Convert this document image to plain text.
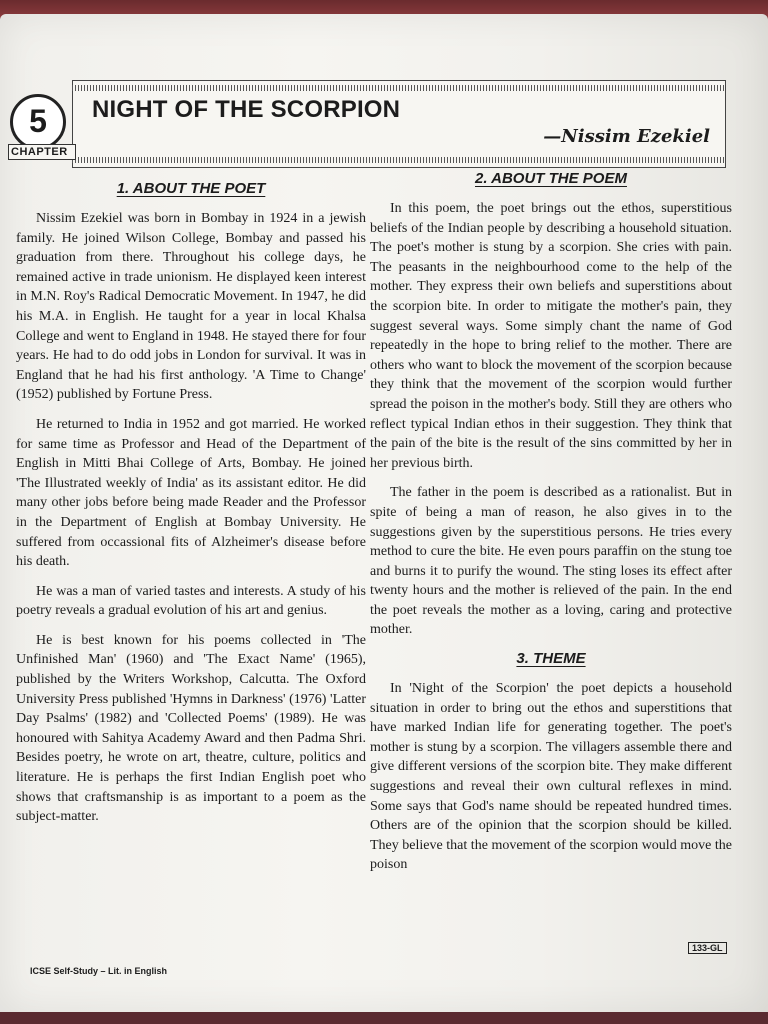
5
CHAPTER
NIGHT OF THE SCORPION
—Nissim Ezekiel
1. ABOUT THE POET

Nissim Ezekiel was born in Bombay in 1924 in a jewish family. He joined Wilson College, Bombay and passed his graduation from there. Throughout his college days, he remained active in trade unionism. He displayed keen interest in M.N. Roy's Radical Democratic Movement. In 1947, he did his M.A. in English. He taught for a year in local Khalsa College and went to England in 1948. He stayed there for four years. He had to do odd jobs in London for survival. It was in England that he had his first anthology. 'A Time to Change' (1952) published by Fortune Press.

He returned to India in 1952 and got married. He worked for same time as Professor and Head of the Department of English in Mitti Bhai College of Arts, Bombay. He joined 'The Illustrated weekly of India' as its assistant editor. He did many other jobs before being made Reader and the Professor in the Department of English at Bombay University. He suffered from occassional fits of Alzheimer's disease before his death.

He was a man of varied tastes and interests. A study of his poetry reveals a gradual evolution of his art and genius.

He is best known for his poems collected in 'The Unfinished Man' (1960) and 'The Exact Name' (1965), published by the Writers Workshop, Calcutta. The Oxford University Press published 'Hymns in Darkness' (1976) 'Latter Day Psalms' (1982) and 'Collected Poems' (1989). He was honoured with Sahitya Academy Award and then Padma Shri. Besides poetry, he wrote on art, theatre, culture, politics and literature. He is perhaps the first Indian English poet who shows that craftsmanship is as important to a poem as the subject-matter.

2. ABOUT THE POEM

In this poem, the poet brings out the ethos, superstitious beliefs of the Indian people by describing a household situation. The poet's mother is stung by a scorpion. She cries with pain. The peasants in the neighbourhood come to the help of the mother. They express their own beliefs and superstitions about the scorpion bite. In order to mitigate the mother's pain, they suggest several ways. Some simply chant the name of God repeatedly in the hope to bring relief to the mother. There are others who want to block the movement of the scorpion because they think that the movement of the scorpion would further spread the poison in the mother's body. Still they are others who reflect typical Indian ethos in their suggestion. They think that the pain of the bite is the result of the sins committed by her in her previous birth.

The father in the poem is described as a rationalist. But in spite of being a man of reason, he also gives in to the suggestions given by the superstitious persons. He tries every method to cure the bite. He even pours paraffin on the stung toe and burns it to purify the wound. The sting loses its effect after twenty hours and the mother is relieved of the pain. In the end the poet reveals the mother as a loving, caring and protective mother.

3. THEME

In 'Night of the Scorpion' the poet depicts a household situation in order to bring out the ethos and superstitions that have marked Indian life for generating together. The poet's mother is stung by a scorpion. The villagers assemble there and give different versions of the scorpion bite. They make different suggestions and reveal their own cultural reflexes in mind. Some says that God's name should be repeated hundred times. Others are of the opinion that the scorpion should be killed. They believe that the movement of the scorpion would move the poison

133-GL
ICSE Self-Study – Lit. in English
